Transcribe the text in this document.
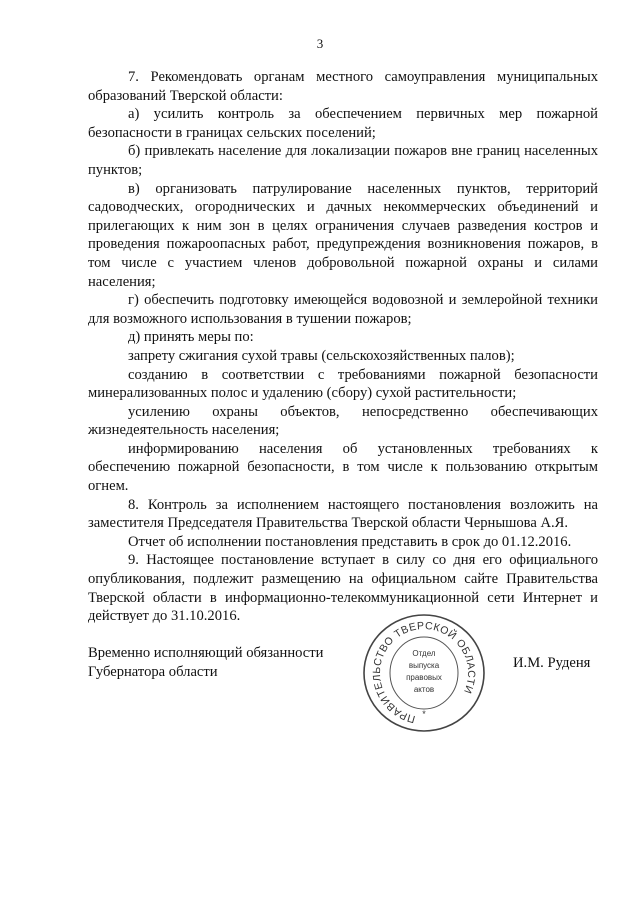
3

7. Рекомендовать органам местного самоуправления муниципальных образований Тверской области:

а) усилить контроль за обеспечением первичных мер пожарной безопасности в границах сельских поселений;

б) привлекать население для локализации пожаров вне границ населенных пунктов;

в) организовать патрулирование населенных пунктов, территорий садоводческих, огороднических и дачных некоммерческих объединений и прилегающих к ним зон в целях ограничения случаев разведения костров и проведения пожароопасных работ, предупреждения возникновения пожаров, в том числе с участием членов добровольной пожарной охраны и силами населения;

г) обеспечить подготовку имеющейся водовозной и землеройной техники для возможного использования в тушении пожаров;

д) принять меры по:

запрету сжигания сухой травы (сельскохозяйственных палов);

созданию в соответствии с требованиями пожарной безопасности минерализованных полос и удалению (сбору) сухой растительности;

усилению охраны объектов, непосредственно обеспечивающих жизнедеятельность населения;

информированию населения об установленных требованиях к обеспечению пожарной безопасности, в том числе к пользованию открытым огнем.

8. Контроль за исполнением настоящего постановления возложить на заместителя Председателя Правительства Тверской области Чернышова А.Я.

Отчет об исполнении постановления представить в срок до 01.12.2016.

9. Настоящее постановление вступает в силу со дня его официального опубликования, подлежит размещению на официальном сайте Правительства Тверской области в информационно-телекоммуникационной сети Интернет и действует до 31.10.2016.

Временно исполняющий обязанности
Губернатора области
ПРАВИТЕЛЬСТВО ТВЕРСКОЙ ОБЛАСТИ
Отдел
выпуска
правовых
актов
*
И.М. Руденя
